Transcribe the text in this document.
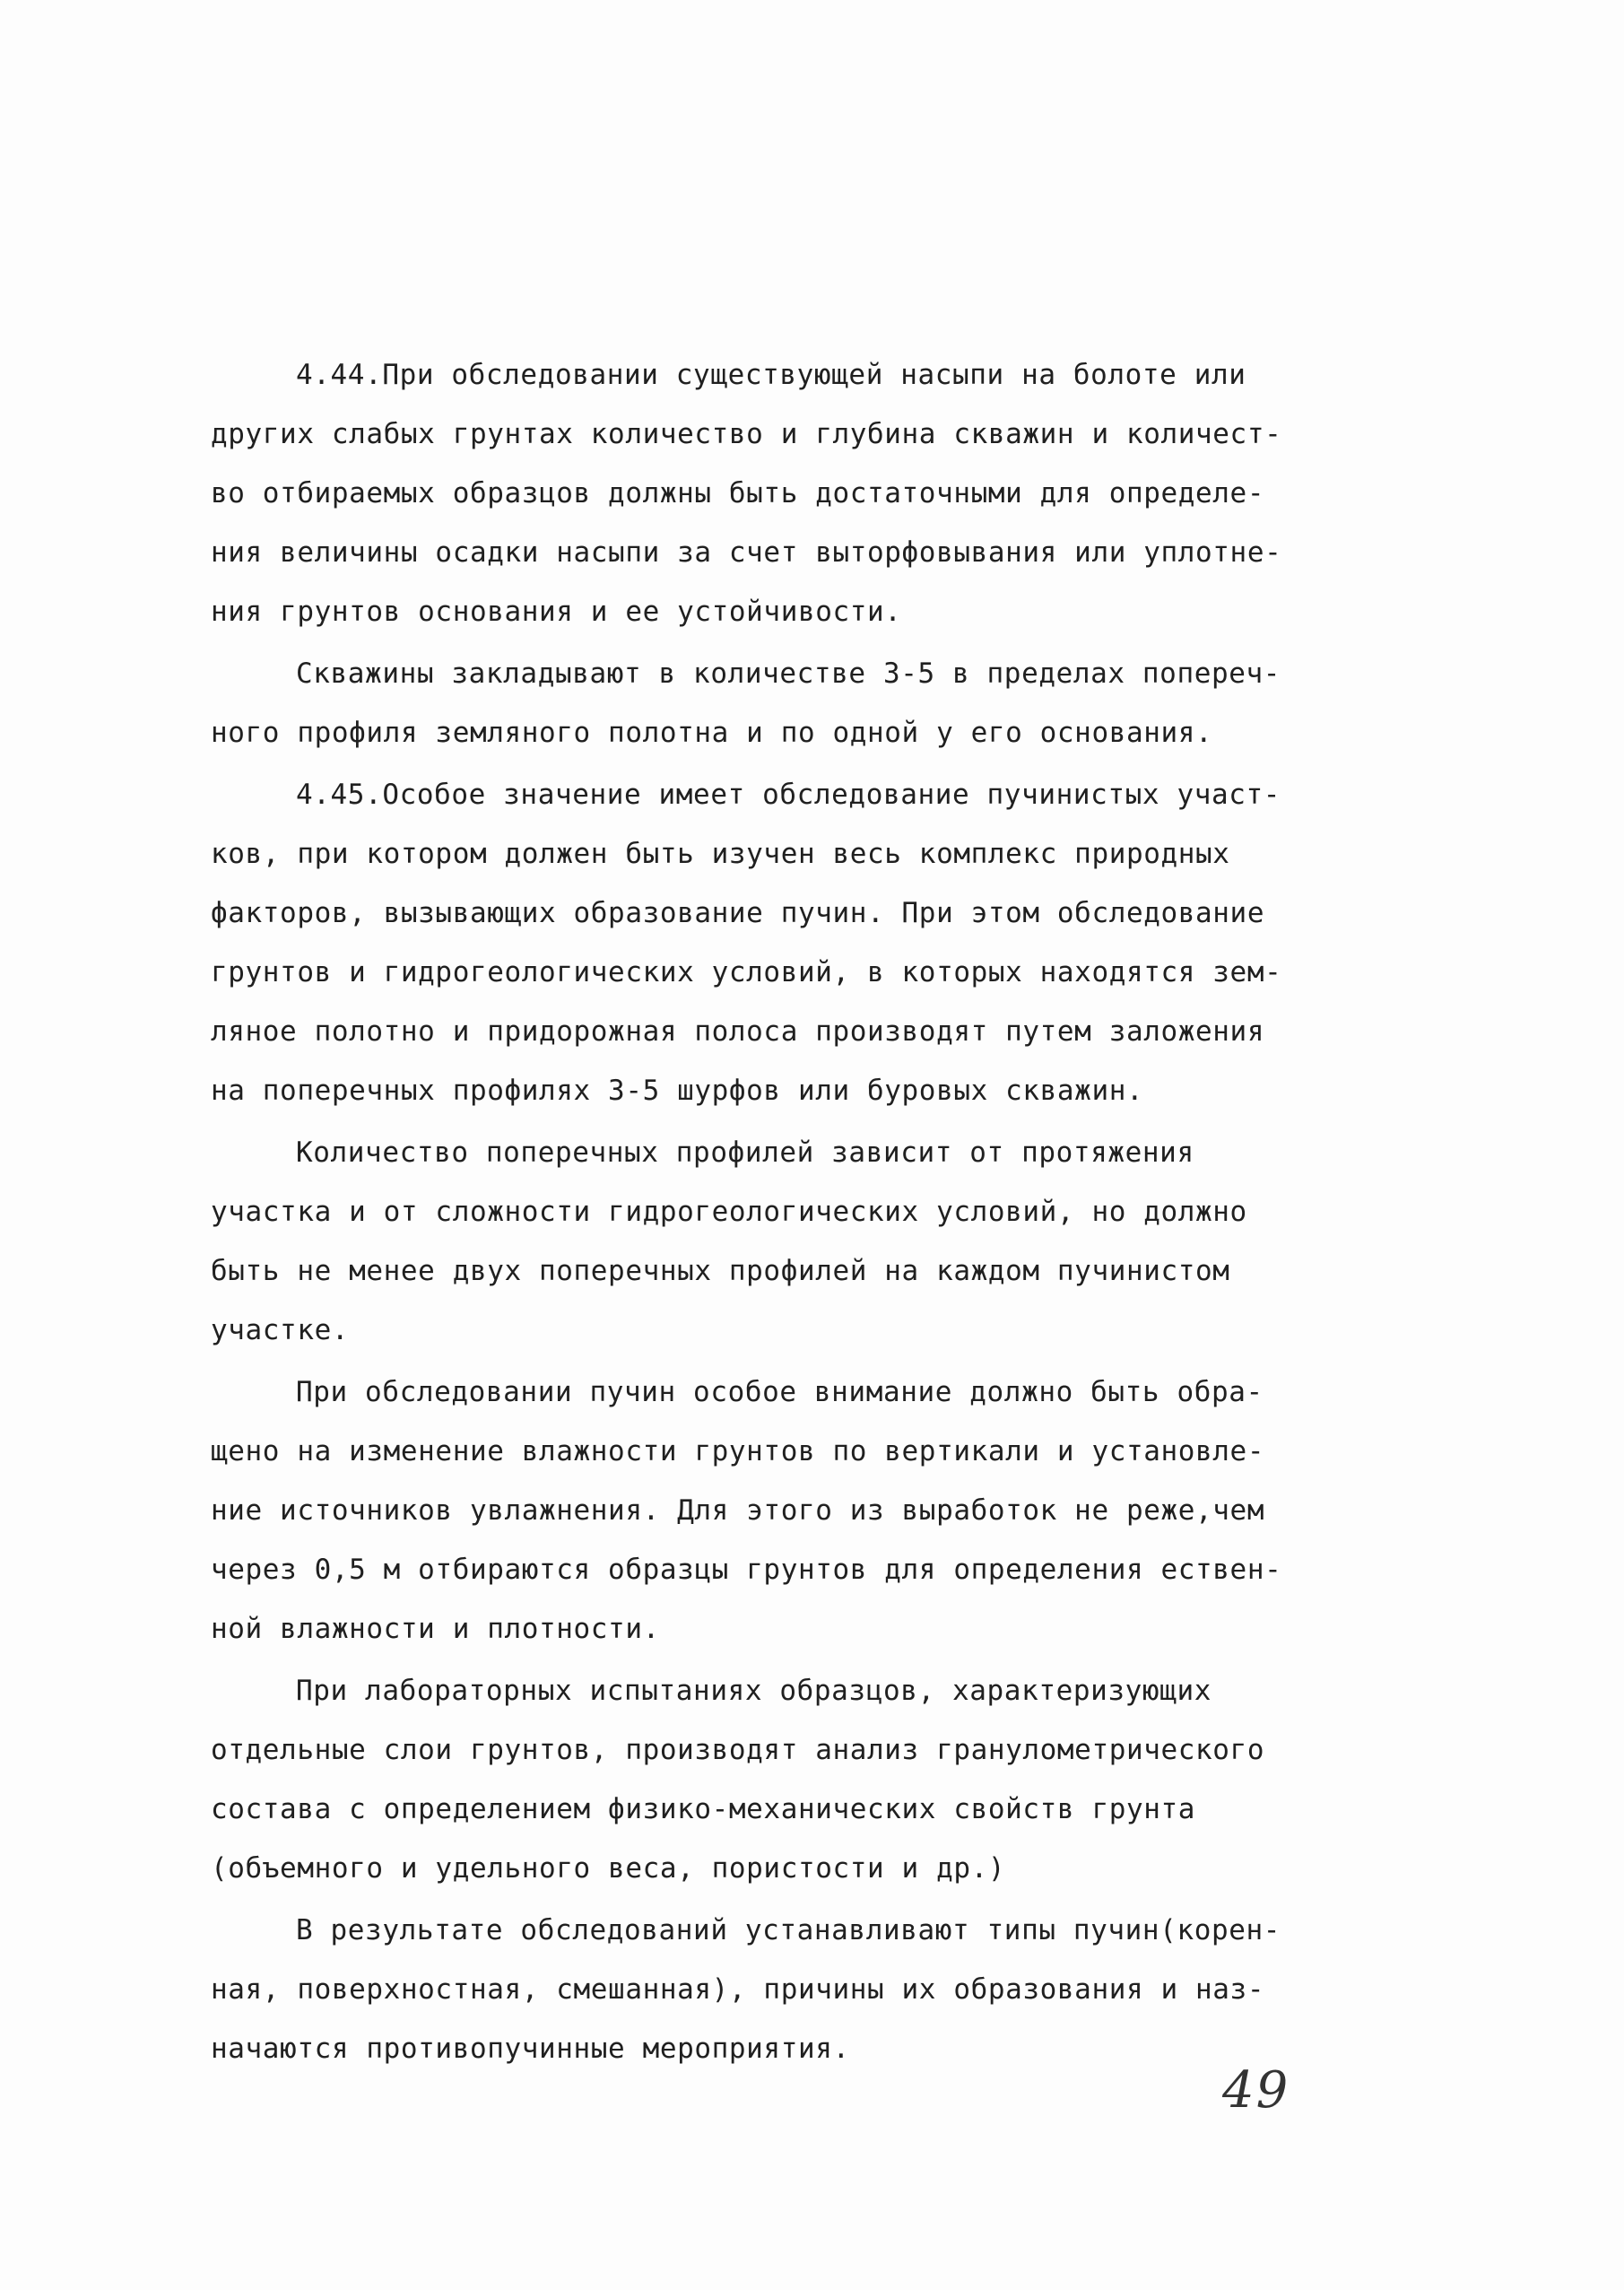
4.44.При обследовании существующей насыпи на болоте или
других слабых грунтах количество и глубина скважин и количест-
во отбираемых образцов должны быть достаточными для определе-
ния величины осадки насыпи за счет выторфовывания или уплотне-
ния грунтов основания и ее устойчивости.
Скважины закладывают в количестве 3-5 в пределах попереч-
ного профиля земляного полотна и по одной у его основания.
4.45.Особое значение имеет обследование пучинистых участ-
ков, при котором должен быть изучен весь комплекс природных
факторов, вызывающих образование пучин. При этом обследование
грунтов и гидрогеологических условий, в которых находятся зем-
ляное полотно и придорожная полоса производят путем заложения
на поперечных профилях 3-5 шурфов или буровых скважин.
Количество поперечных профилей зависит от протяжения
участка и от сложности гидрогеологических условий, но должно
быть не менее двух поперечных профилей на каждом пучинистом
участке.
При обследовании пучин особое внимание должно быть обра-
щено на изменение влажности грунтов по вертикали и установле-
ние источников увлажнения. Для этого из выработок не реже,чем
через 0,5 м отбираются образцы грунтов для определения ествен-
ной влажности и плотности.
При лабораторных испытаниях образцов, характеризующих
отдельные слои грунтов, производят анализ гранулометрического
состава с определением физико-механических свойств грунта
(объемного и удельного веса, пористости и др.)
В результате обследований устанавливают типы пучин(корен-
ная, поверхностная, смешанная), причины их образования и наз-
начаются противопучинные мероприятия.
49
